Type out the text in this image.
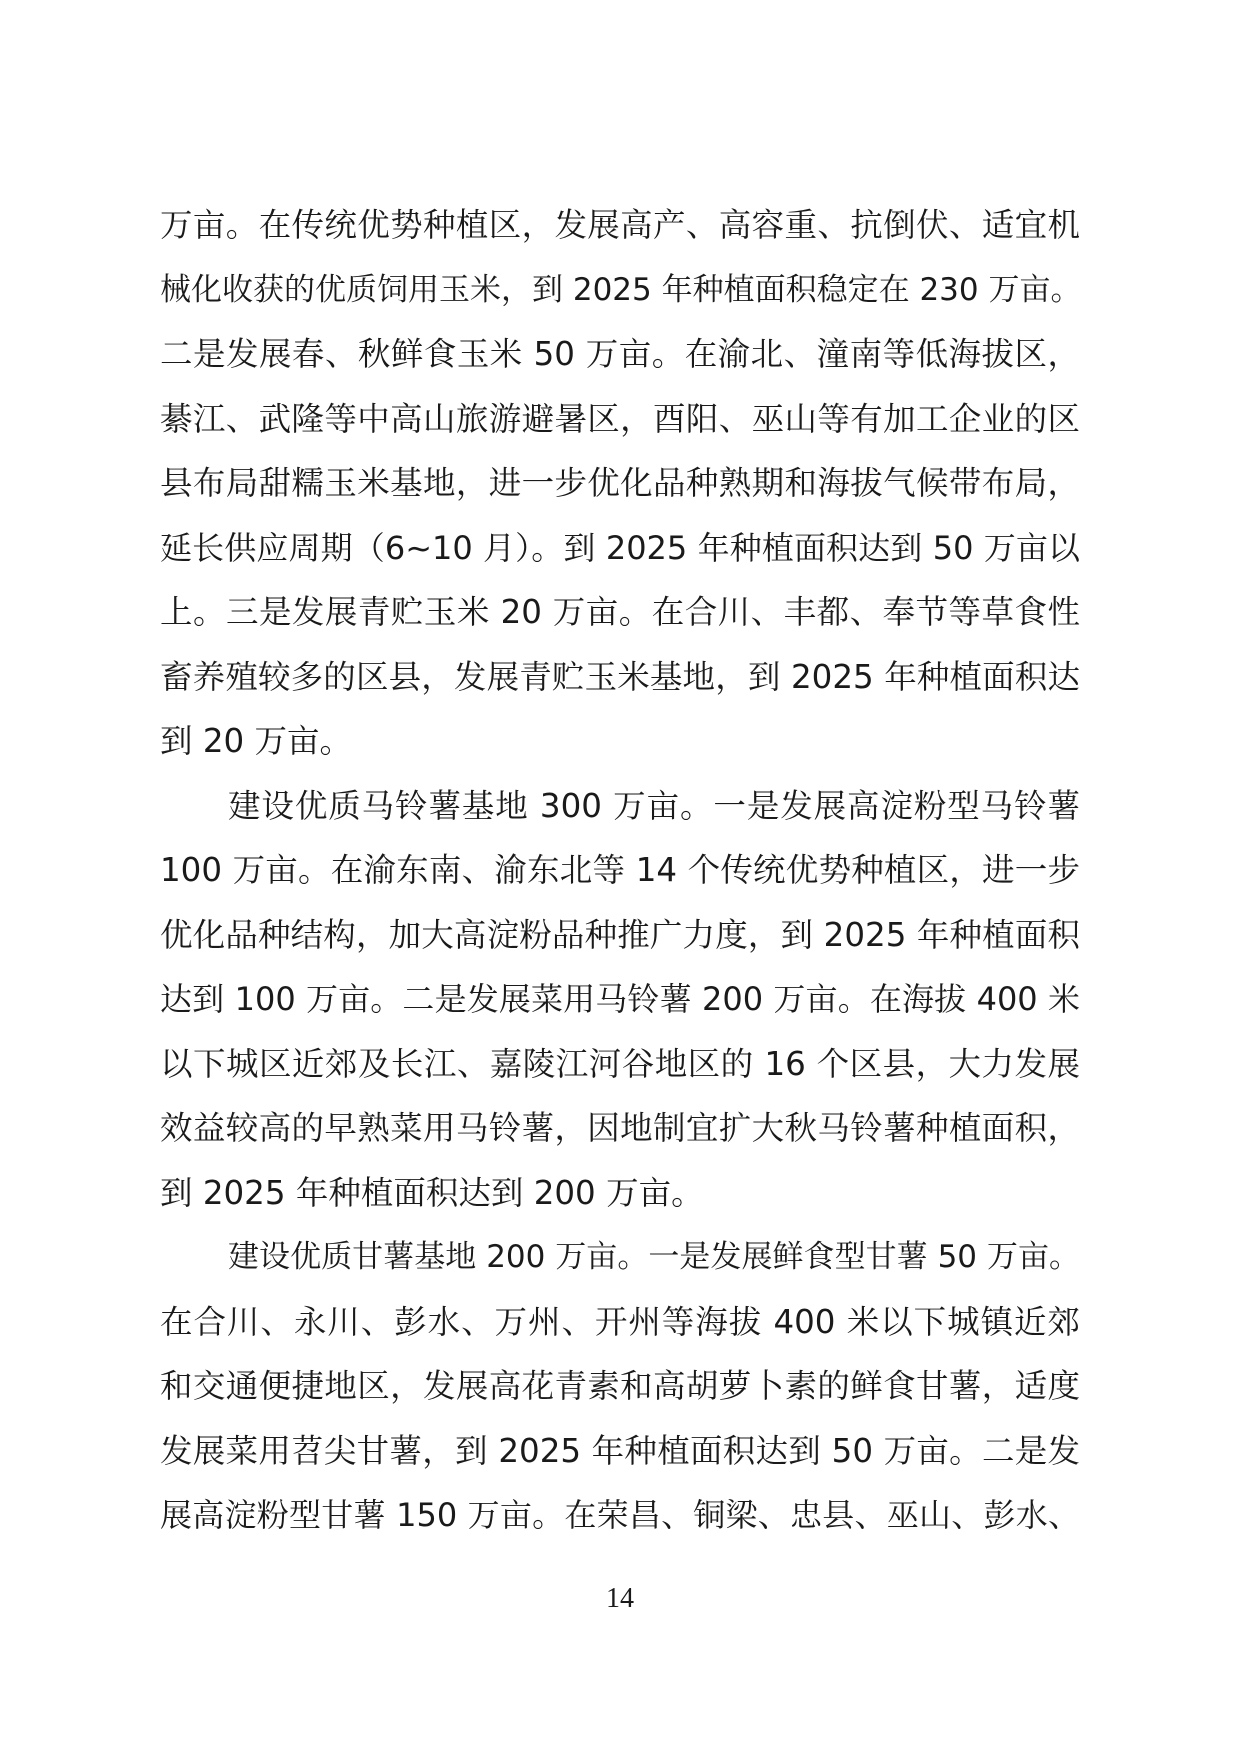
万亩。在传统优势种植区，发展高产、高容重、抗倒伏、适宜机
械化收获的优质饲用玉米，到 2025 年种植面积稳定在 230 万亩。
二是发展春、秋鲜食玉米 50 万亩。在渝北、潼南等低海拔区，
綦江、武隆等中高山旅游避暑区，酉阳、巫山等有加工企业的区
县布局甜糯玉米基地，进一步优化品种熟期和海拔气候带布局，
延长供应周期（6~10 月）。到 2025 年种植面积达到 50 万亩以
上。三是发展青贮玉米 20 万亩。在合川、丰都、奉节等草食性
畜养殖较多的区县，发展青贮玉米基地，到 2025 年种植面积达
到 20 万亩。
建设优质马铃薯基地 300 万亩。一是发展高淀粉型马铃薯
100 万亩。在渝东南、渝东北等 14 个传统优势种植区，进一步
优化品种结构，加大高淀粉品种推广力度，到 2025 年种植面积
达到 100 万亩。二是发展菜用马铃薯 200 万亩。在海拔 400 米
以下城区近郊及长江、嘉陵江河谷地区的 16 个区县，大力发展
效益较高的早熟菜用马铃薯，因地制宜扩大秋马铃薯种植面积，
到 2025 年种植面积达到 200 万亩。
建设优质甘薯基地 200 万亩。一是发展鲜食型甘薯 50 万亩。
在合川、永川、彭水、万州、开州等海拔 400 米以下城镇近郊
和交通便捷地区，发展高花青素和高胡萝卜素的鲜食甘薯，适度
发展菜用苕尖甘薯，到 2025 年种植面积达到 50 万亩。二是发
展高淀粉型甘薯 150 万亩。在荣昌、铜梁、忠县、巫山、彭水、
14
